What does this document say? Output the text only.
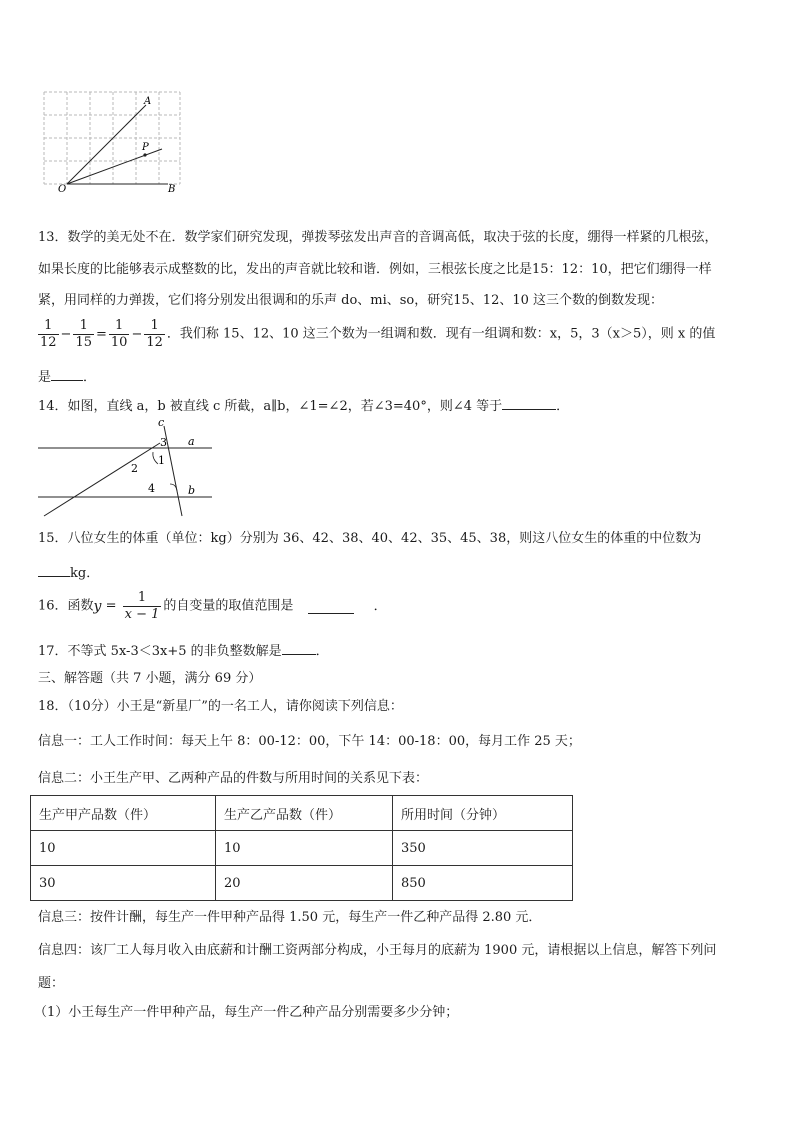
A
P
O	B
13．数学的美无处不在．数学家们研究发现，弹拨琴弦发出声音的音调高低，取决于弦的长度，绷得一样紧的几根弦，
如果长度的比能够表示成整数的比，发出的声音就比较和谐．例如，三根弦长度之比是15：12：10，把它们绷得一样
紧，用同样的力弹拨，它们将分别发出很调和的乐声 do、mi、so，研究15、12、10 这三个数的倒数发现：
$\frac{1}{12} - \frac{1}{15} = \frac{1}{10} - \frac{1}{12}$ ．我们称 15、12、10 这三个数为一组调和数．现有一组调和数：x，5，3（x＞5），则 x 的值
是 ．
14．如图，直线 a，b 被直线 c 所截，a∥b，∠1=∠2，若∠3=40°，则∠4 等于	．
c
a
b
3
1
2
4
15．八位女生的体重（单位：kg）分别为 36、42、38、40、42、35、45、38，则这八位女生的体重的中位数为
kg．
16．函数$y = \frac{1}{x - 1}$ 的自变量的取值范围是	．
17．不等式 5x-3＜3x+5 的非负整数解是	．
三、解答题（共 7 小题，满分 69 分）
18．（10分）小王是“新星厂”的一名工人，请你阅读下列信息：
信息一：工人工作时间：每天上午 8：00-12：00，下午 14：00-18：00，每月工作 25 天；
信息二：小王生产甲、乙两种产品的件数与所用时间的关系见下表：
生产甲产品数（件）	生产乙产品数（件）	所用时间（分钟）
10	10	350
30	20	850
信息三：按件计酬，每生产一件甲种产品得 1.50 元，每生产一件乙种产品得 2.80 元．
信息四：该厂工人每月收入由底薪和计酬工资两部分构成，小王每月的底薪为 1900 元，请根据以上信息，解答下列问
题：
（1）小王每生产一件甲种产品，每生产一件乙种产品分别需要多少分钟；
